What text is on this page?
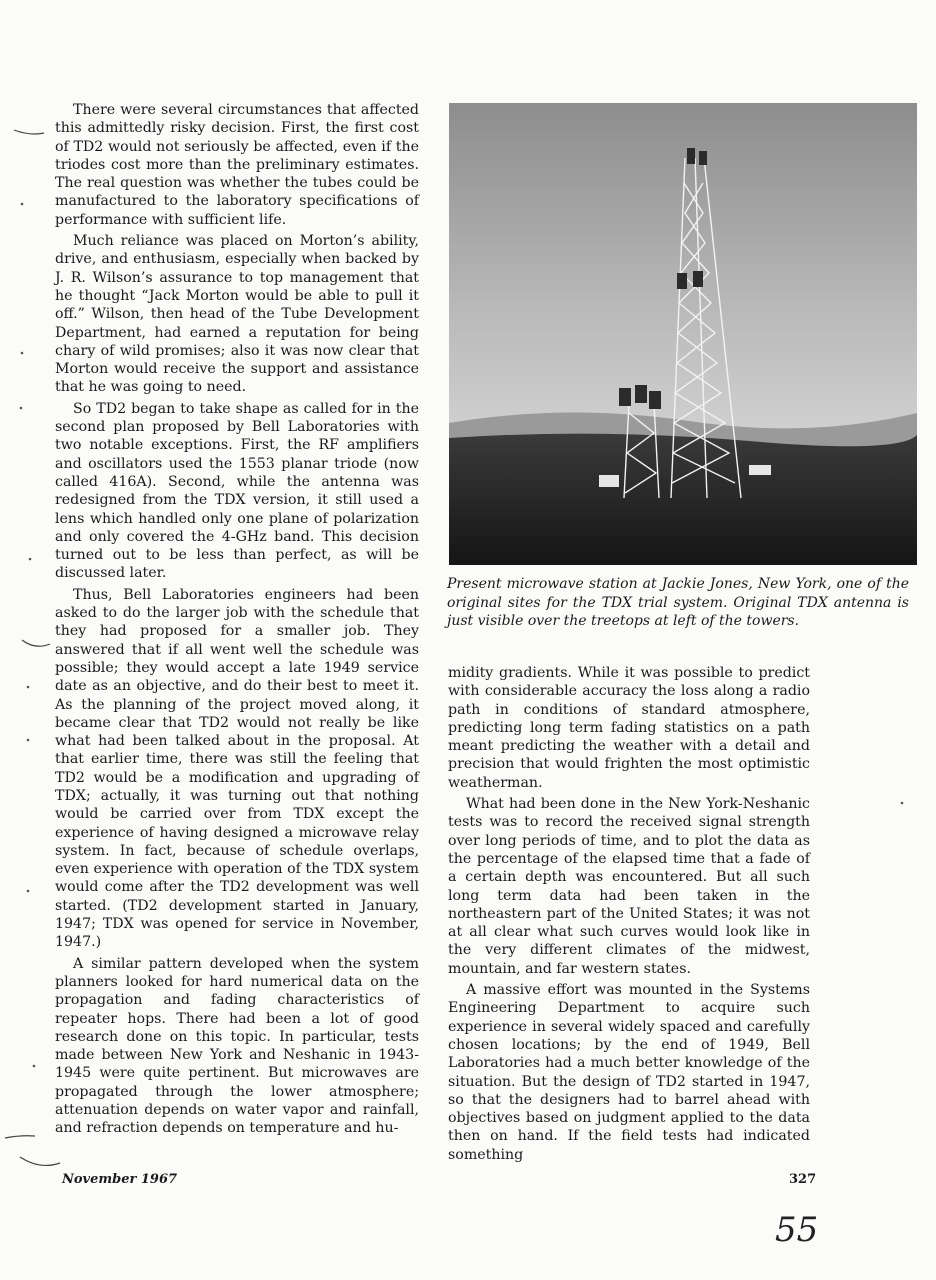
There were several circumstances that affected this admittedly risky decision. First, the first cost of TD2 would not seriously be affected, even if the triodes cost more than the preliminary estimates. The real question was whether the tubes could be manufactured to the laboratory specifications of performance with sufficient life.

Much reliance was placed on Morton’s ability, drive, and enthusiasm, especially when backed by J. R. Wilson’s assurance to top management that he thought “Jack Morton would be able to pull it off.” Wilson, then head of the Tube Development Department, had earned a reputation for being chary of wild promises; also it was now clear that Morton would receive the support and assistance that he was going to need.

So TD2 began to take shape as called for in the second plan proposed by Bell Laboratories with two notable exceptions. First, the RF amplifiers and oscillators used the 1553 planar triode (now called 416A). Second, while the antenna was redesigned from the TDX version, it still used a lens which handled only one plane of polarization and only covered the 4-GHz band. This decision turned out to be less than perfect, as will be discussed later.

Thus, Bell Laboratories engineers had been asked to do the larger job with the schedule that they had proposed for a smaller job. They answered that if all went well the schedule was possible; they would accept a late 1949 service date as an objective, and do their best to meet it. As the planning of the project moved along, it became clear that TD2 would not really be like what had been talked about in the proposal. At that earlier time, there was still the feeling that TD2 would be a modification and upgrading of TDX; actually, it was turning out that nothing would be carried over from TDX except the experience of having designed a microwave relay system. In fact, because of schedule overlaps, even experience with operation of the TDX system would come after the TD2 development was well started. (TD2 development started in January, 1947; TDX was opened for service in November, 1947.)

A similar pattern developed when the system planners looked for hard numerical data on the propagation and fading characteristics of repeater hops. There had been a lot of good research done on this topic. In particular, tests made between New York and Neshanic in 1943-1945 were quite pertinent. But microwaves are propagated through the lower atmosphere; attenuation depends on water vapor and rainfall, and refraction depends on temperature and hu-

Present microwave station at Jackie Jones, New York, one of the original sites for the TDX trial system. Original TDX antenna is just visible over the treetops at left of the towers.

midity gradients. While it was possible to predict with considerable accuracy the loss along a radio path in conditions of standard atmosphere, predicting long term fading statistics on a path meant predicting the weather with a detail and precision that would frighten the most optimistic weatherman.

What had been done in the New York-Neshanic tests was to record the received signal strength over long periods of time, and to plot the data as the percentage of the elapsed time that a fade of a certain depth was encountered. But all such long term data had been taken in the northeastern part of the United States; it was not at all clear what such curves would look like in the very different climates of the midwest, mountain, and far western states.

A massive effort was mounted in the Systems Engineering Department to acquire such experience in several widely spaced and carefully chosen locations; by the end of 1949, Bell Laboratories had a much better knowledge of the situation. But the design of TD2 started in 1947, so that the designers had to barrel ahead with objectives based on judgment applied to the data then on hand. If the field tests had indicated something

November 1967	327
55
